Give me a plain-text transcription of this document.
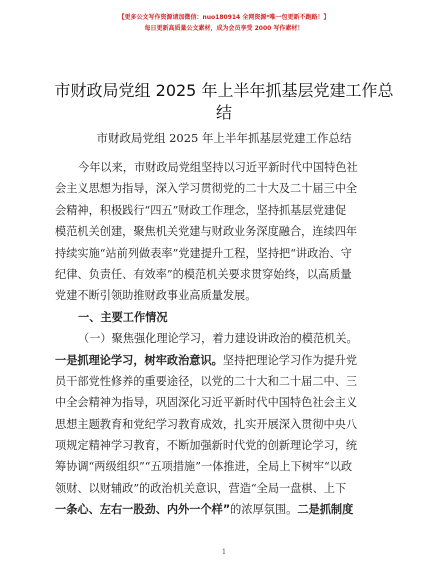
【更多公文写作资源请加微信：nuo180914 全网资源*唯一包更新不跑路！】
每日更新高质量公文素材，成为会员享受 2000 写作素材！
市财政局党组 2025 年上半年抓基层党建工作总结
市财政局党组 2025 年上半年抓基层党建工作总结
今年以来，市财政局党组坚持以习近平新时代中国特色社
会主义思想为指导，深入学习贯彻党的二十大及二十届三中全
会精神，积极践行“四五”财政工作理念，坚持抓基层党建促
模范机关创建，聚焦机关党建与财政业务深度融合，连续四年
持续实施“站前列做表率”党建提升工程，坚持把“讲政治、守
纪律、负责任、有效率”的模范机关要求贯穿始终，以高质量
党建不断引领助推财政事业高质量发展。
一、主要工作情况
（一）聚焦强化理论学习，着力建设讲政治的模范机关。
一是抓理论学习，树牢政治意识。坚持把理论学习作为提升党
员干部党性修养的重要途径，以党的二十大和二十届二中、三
中全会精神为指导，巩固深化习近平新时代中国特色社会主义
思想主题教育和党纪学习教育成效，扎实开展深入贯彻中央八
项规定精神学习教育，不断加强新时代党的创新理论学习，统
筹协调“两级组织”“五项措施”一体推进，全局上下树牢“以政
领财、以财辅政”的政治机关意识，营造“全局一盘棋、上下
一条心、左右一股劲、内外一个样”的浓厚氛围。二是抓制度
1
